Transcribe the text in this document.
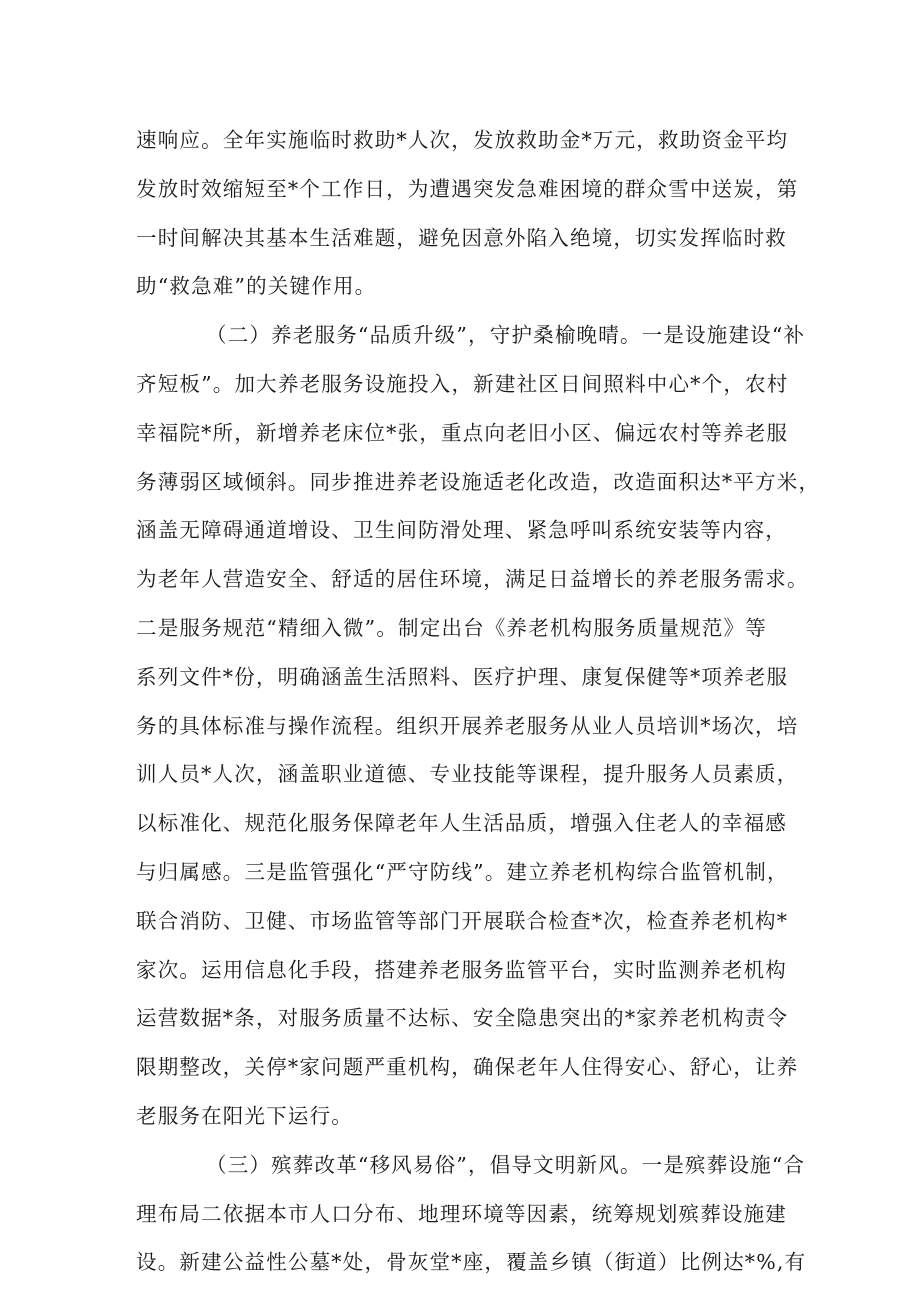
速响应。全年实施临时救助*人次，发放救助金*万元，救助资金平均
发放时效缩短至*个工作日，为遭遇突发急难困境的群众雪中送炭，第
一时间解决其基本生活难题，避免因意外陷入绝境，切实发挥临时救
助“救急难”的关键作用。
（二）养老服务“品质升级”，守护桑榆晚晴。一是设施建设“补
齐短板”。加大养老服务设施投入，新建社区日间照料中心*个，农村
幸福院*所，新增养老床位*张，重点向老旧小区、偏远农村等养老服
务薄弱区域倾斜。同步推进养老设施适老化改造，改造面积达*平方米，
涵盖无障碍通道增设、卫生间防滑处理、紧急呼叫系统安装等内容，
为老年人营造安全、舒适的居住环境，满足日益增长的养老服务需求。
二是服务规范“精细入微”。制定出台《养老机构服务质量规范》等
系列文件*份，明确涵盖生活照料、医疗护理、康复保健等*项养老服
务的具体标准与操作流程。组织开展养老服务从业人员培训*场次，培
训人员*人次，涵盖职业道德、专业技能等课程，提升服务人员素质，
以标准化、规范化服务保障老年人生活品质，增强入住老人的幸福感
与归属感。三是监管强化“严守防线”。建立养老机构综合监管机制，
联合消防、卫健、市场监管等部门开展联合检查*次，检查养老机构*
家次。运用信息化手段，搭建养老服务监管平台，实时监测养老机构
运营数据*条，对服务质量不达标、安全隐患突出的*家养老机构责令
限期整改，关停*家问题严重机构，确保老年人住得安心、舒心，让养
老服务在阳光下运行。
（三）殡葬改革“移风易俗”，倡导文明新风。一是殡葬设施“合
理布局二依据本市人口分布、地理环境等因素，统筹规划殡葬设施建
设。新建公益性公墓*处，骨灰堂*座，覆盖乡镇（街道）比例达*%,有
